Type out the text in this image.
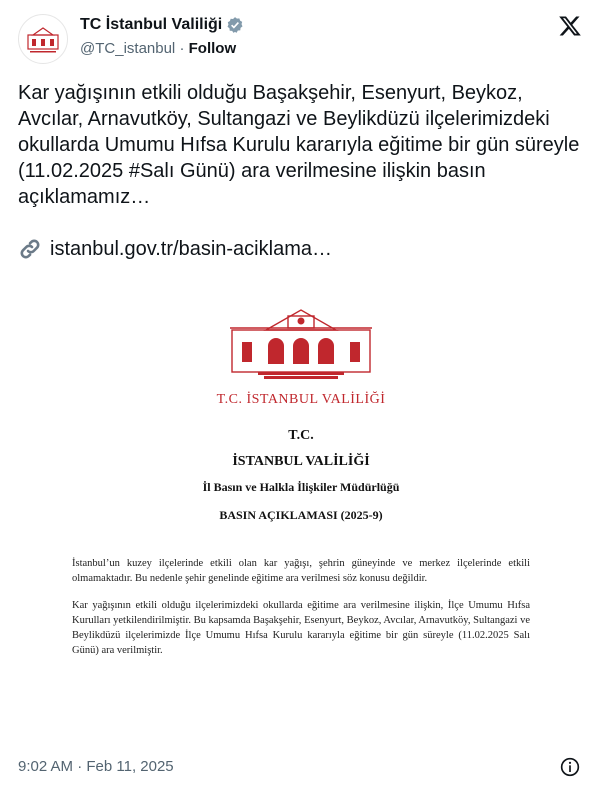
TC İstanbul Valiliği
@TC_istanbul · Follow
Kar yağışının etkili olduğu Başakşehir, Esenyurt, Beykoz, Avcılar, Arnavutköy, Sultangazi ve Beylikdüzü ilçelerimizdeki okullarda Umumu Hıfsa Kurulu kararıyla eğitime bir gün süreyle (11.02.2025 #Salı Günü) ara verilmesine ilişkin basın açıklamamız…
istanbul.gov.tr/basin-aciklama…
T.C. İSTANBUL VALİLİĞİ
T.C.
İSTANBUL VALİLİĞİ
İl Basın ve Halkla İlişkiler Müdürlüğü
BASIN AÇIKLAMASI (2025-9)
İstanbul’un kuzey ilçelerinde etkili olan kar yağışı, şehrin güneyinde ve merkez ilçelerinde etkili olmamaktadır. Bu nedenle şehir genelinde eğitime ara verilmesi söz konusu değildir.
Kar yağışının etkili olduğu ilçelerimizdeki okullarda eğitime ara verilmesine ilişkin, İlçe Umumu Hıfsa Kurulları yetkilendirilmiştir. Bu kapsamda Başakşehir, Esenyurt, Beykoz, Avcılar, Arnavutköy, Sultangazi ve Beylikdüzü ilçelerimizde İlçe Umumu Hıfsa Kurulu kararıyla eğitime bir gün süreyle (11.02.2025 Salı Günü) ara verilmiştir.
9:02 AM · Feb 11, 2025
